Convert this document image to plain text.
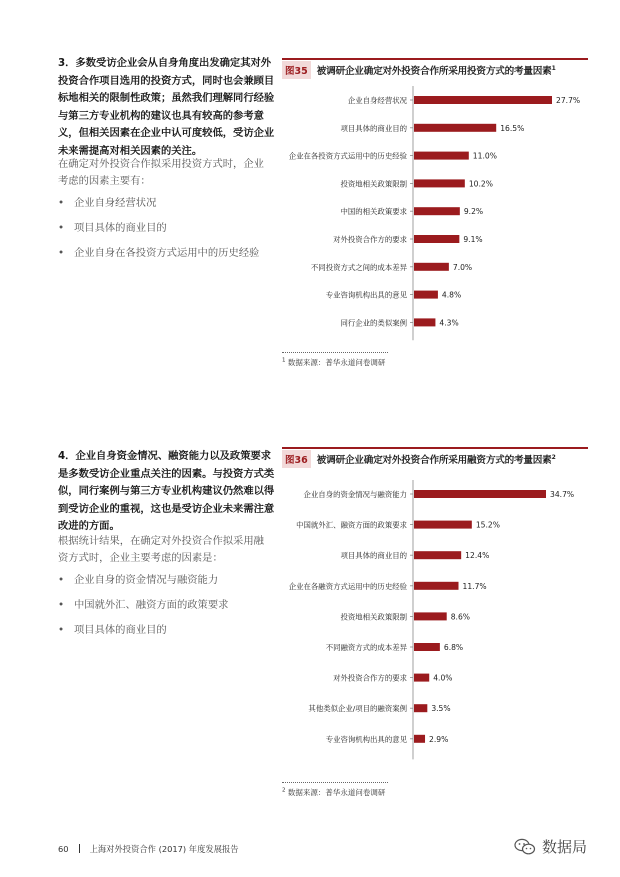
3．多数受访企业会从自身角度出发确定其对外投资合作项目选用的投资方式，同时也会兼顾目标地相关的限制性政策；虽然我们理解同行经验与第三方专业机构的建议也具有较高的参考意义，但相关因素在企业中认可度较低，受访企业未来需提高对相关因素的关注。

在确定对外投资合作拟采用投资方式时，企业考虑的因素主要有：

• 企业自身经营状况
• 项目具体的商业目的
• 企业自身在各投资方式运用中的历史经验
图35 被调研企业确定对外投资合作所采用投资方式的考量因素$^1$
企业自身经营状况	27.7%
项目具体的商业目的	16.5%
企业在各投资方式运用中的历史经验	11.0%
投资地相关政策限制	10.2%
中国的相关政策要求	9.2%
对外投资合作方的要求	9.1%
不同投资方式之间的成本差异	7.0%
专业咨询机构出具的意见	4.8%
同行企业的类似案例	4.3%
$^1$ 数据来源：普华永道问卷调研

4．企业自身资金情况、融资能力以及政策要求是多数受访企业重点关注的因素。与投资方式类似，同行案例与第三方专业机构建议仍然难以得到受访企业的重视，这也是受访企业未来需注意改进的方面。

根据统计结果，在确定对外投资合作拟采用融资方式时，企业主要考虑的因素是：

• 企业自身的资金情况与融资能力
• 中国就外汇、融资方面的政策要求
• 项目具体的商业目的
图36 被调研企业确定对外投资合作所采用融资方式的考量因素$^2$
企业自身的资金情况与融资能力	34.7%
中国就外汇、融资方面的政策要求	15.2%
项目具体的商业目的	12.4%
企业在各融资方式运用中的历史经验	11.7%
投资地相关政策限制	8.6%
不同融资方式的成本差异	6.8%
对外投资合作方的要求	4.0%
其他类似企业/项目的融资案例	3.5%
专业咨询机构出具的意见	2.9%
$^2$ 数据来源：普华永道问卷调研
60	上海对外投资合作 (2017) 年度发展报告	数据局
